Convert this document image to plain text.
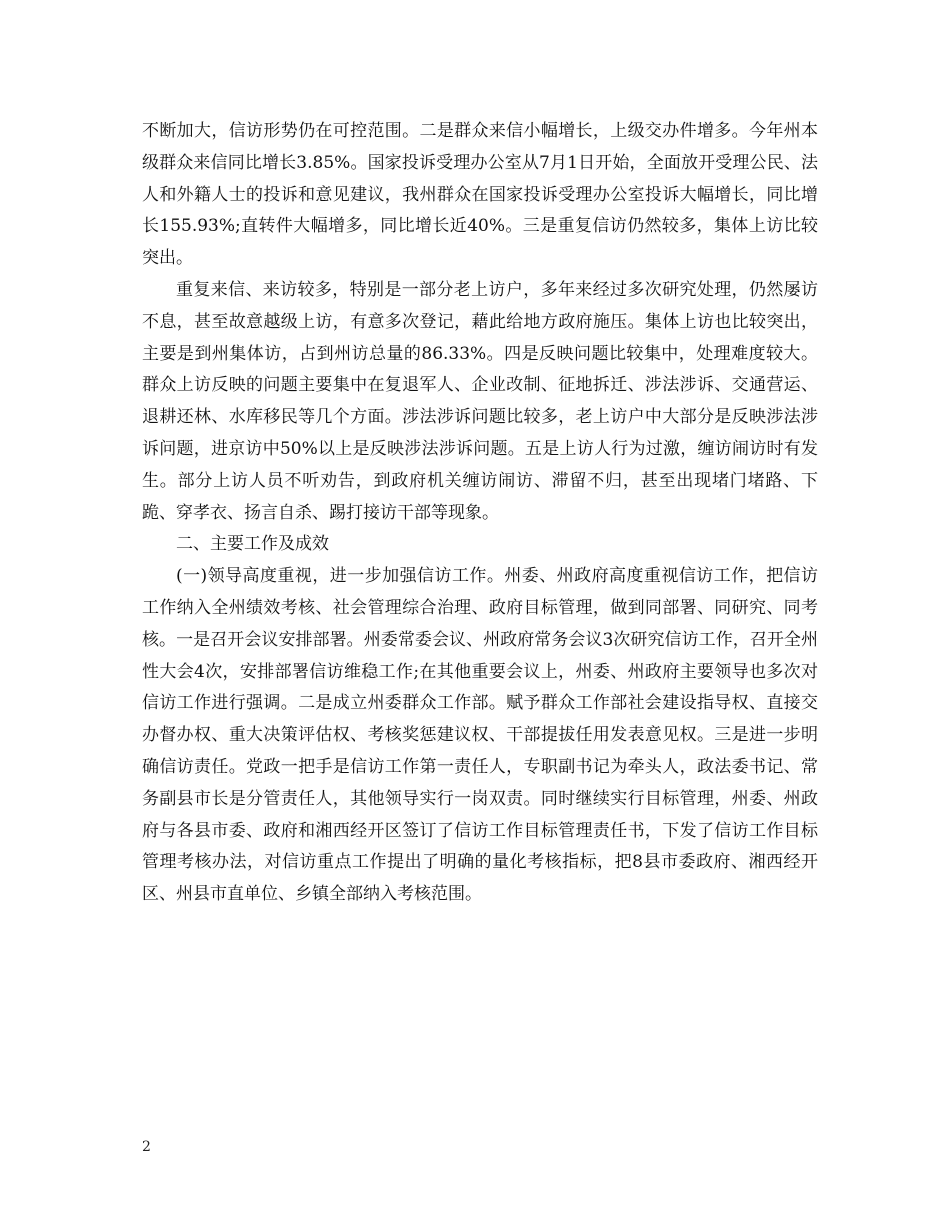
不断加大，信访形势仍在可控范围。二是群众来信小幅增长，上级交办件增多。今年州本级群众来信同比增长3.85%。国家投诉受理办公室从7月1日开始，全面放开受理公民、法人和外籍人士的投诉和意见建议，我州群众在国家投诉受理办公室投诉大幅增长，同比增长155.93%;直转件大幅增多，同比增长近40%。三是重复信访仍然较多，集体上访比较突出。

重复来信、来访较多，特别是一部分老上访户，多年来经过多次研究处理，仍然屡访不息，甚至故意越级上访，有意多次登记，藉此给地方政府施压。集体上访也比较突出，主要是到州集体访，占到州访总量的86.33%。四是反映问题比较集中，处理难度较大。群众上访反映的问题主要集中在复退军人、企业改制、征地拆迁、涉法涉诉、交通营运、退耕还林、水库移民等几个方面。涉法涉诉问题比较多，老上访户中大部分是反映涉法涉诉问题，进京访中50%以上是反映涉法涉诉问题。五是上访人行为过激，缠访闹访时有发生。部分上访人员不听劝告，到政府机关缠访闹访、滞留不归，甚至出现堵门堵路、下跪、穿孝衣、扬言自杀、踢打接访干部等现象。

二、主要工作及成效

(一)领导高度重视，进一步加强信访工作。州委、州政府高度重视信访工作，把信访工作纳入全州绩效考核、社会管理综合治理、政府目标管理，做到同部署、同研究、同考核。一是召开会议安排部署。州委常委会议、州政府常务会议3次研究信访工作，召开全州性大会4次，安排部署信访维稳工作;在其他重要会议上，州委、州政府主要领导也多次对信访工作进行强调。二是成立州委群众工作部。赋予群众工作部社会建设指导权、直接交办督办权、重大决策评估权、考核奖惩建议权、干部提拔任用发表意见权。三是进一步明确信访责任。党政一把手是信访工作第一责任人，专职副书记为牵头人，政法委书记、常务副县市长是分管责任人，其他领导实行一岗双责。同时继续实行目标管理，州委、州政府与各县市委、政府和湘西经开区签订了信访工作目标管理责任书，下发了信访工作目标管理考核办法，对信访重点工作提出了明确的量化考核指标，把8县市委政府、湘西经开区、州县市直单位、乡镇全部纳入考核范围。

2
